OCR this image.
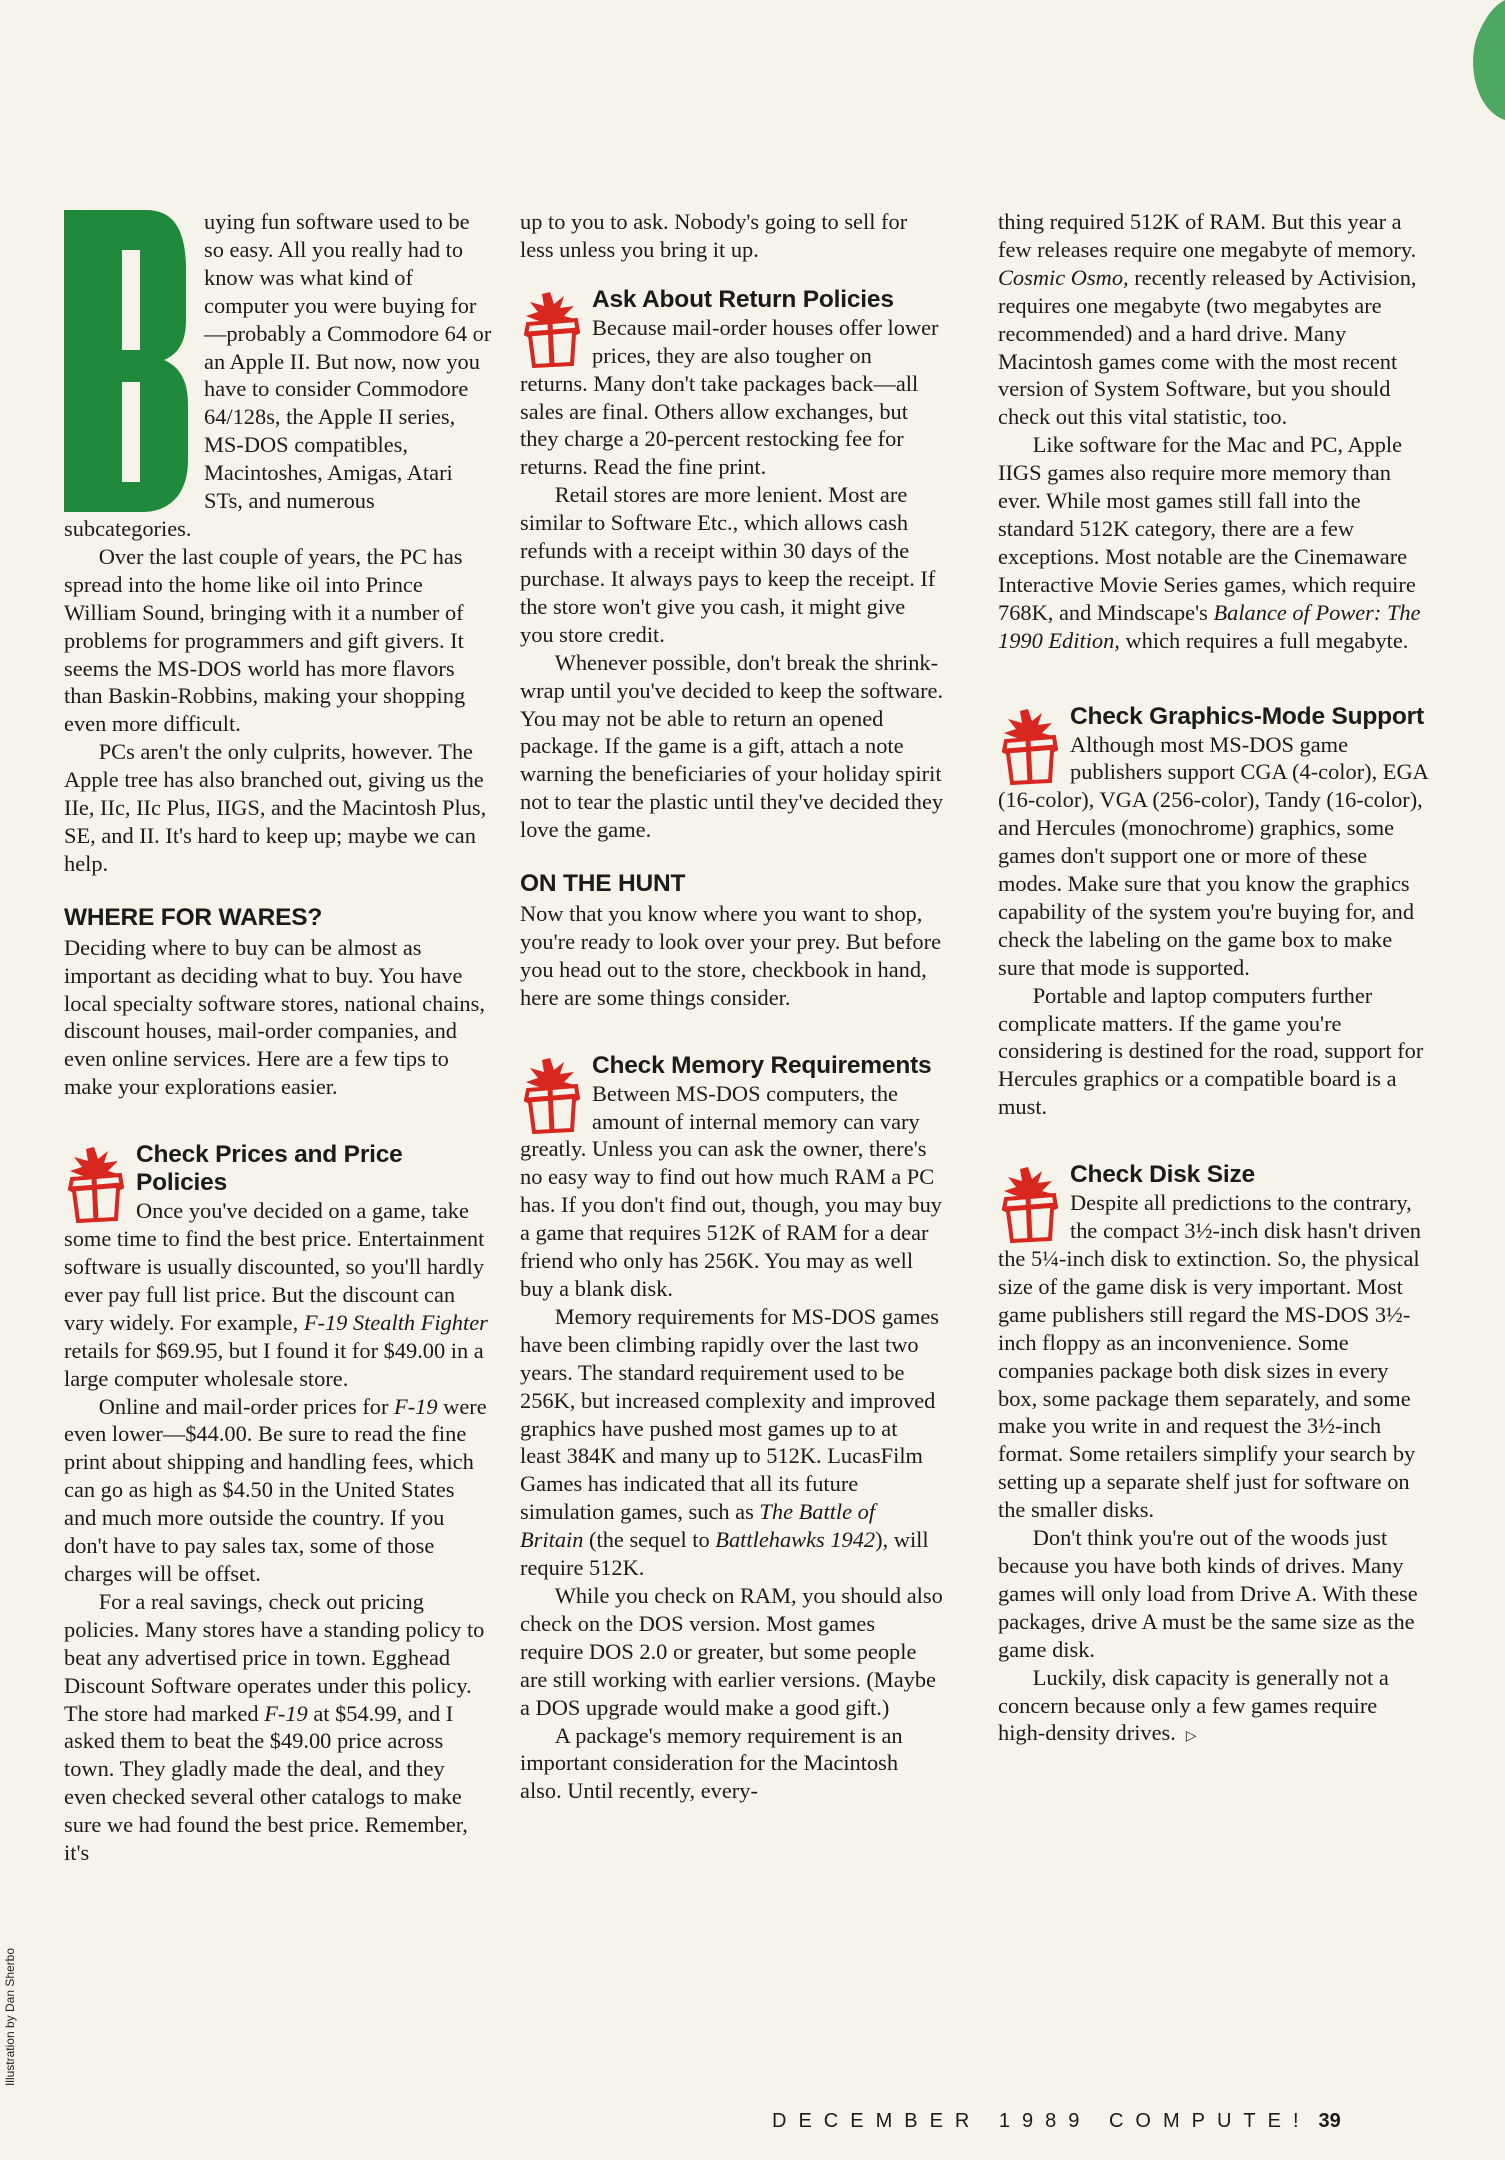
Illustration by Dan Sherbo
B

uying fun software used to be so easy. All you really had to know was what kind of computer you were buying for—probably a Commodore 64 or an Apple II. But now, now you have to consider Commodore 64/128s, the Apple II series, MS-DOS compatibles, Macintoshes, Amigas, Atari STs, and numerous subcategories.

Over the last couple of years, the PC has spread into the home like oil into Prince William Sound, bringing with it a number of problems for programmers and gift givers. It seems the MS-DOS world has more flavors than Baskin-Robbins, making your shopping even more difficult.

PCs aren't the only culprits, however. The Apple tree has also branched out, giving us the IIe, IIc, IIc Plus, IIGS, and the Macintosh Plus, SE, and II. It's hard to keep up; maybe we can help.

WHERE FOR WARES?

Deciding where to buy can be almost as important as deciding what to buy. You have local specialty software stores, national chains, discount houses, mail-order companies, and even online services. Here are a few tips to make your explorations easier.

Check Prices and Price Policies

Once you've decided on a game, take some time to find the best price. Entertainment software is usually discounted, so you'll hardly ever pay full list price. But the discount can vary widely. For example, F-19 Stealth Fighter retails for $69.95, but I found it for $49.00 in a large computer wholesale store.

Online and mail-order prices for F-19 were even lower—$44.00. Be sure to read the fine print about shipping and handling fees, which can go as high as $4.50 in the United States and much more outside the country. If you don't have to pay sales tax, some of those charges will be offset.

For a real savings, check out pricing policies. Many stores have a standing policy to beat any advertised price in town. Egghead Discount Software operates under this policy. The store had marked F-19 at $54.99, and I asked them to beat the $49.00 price across town. They gladly made the deal, and they even checked several other catalogs to make sure we had found the best price. Remember, it's

up to you to ask. Nobody's going to sell for less unless you bring it up.

Ask About Return Policies

Because mail-order houses offer lower prices, they are also tougher on returns. Many don't take packages back—all sales are final. Others allow exchanges, but they charge a 20-percent restocking fee for returns. Read the fine print.

Retail stores are more lenient. Most are similar to Software Etc., which allows cash refunds with a receipt within 30 days of the purchase. It always pays to keep the receipt. If the store won't give you cash, it might give you store credit.

Whenever possible, don't break the shrink-wrap until you've decided to keep the software. You may not be able to return an opened package. If the game is a gift, attach a note warning the beneficiaries of your holiday spirit not to tear the plastic until they've decided they love the game.

ON THE HUNT

Now that you know where you want to shop, you're ready to look over your prey. But before you head out to the store, checkbook in hand, here are some things consider.

Check Memory Requirements

Between MS-DOS computers, the amount of internal memory can vary greatly. Unless you can ask the owner, there's no easy way to find out how much RAM a PC has. If you don't find out, though, you may buy a game that requires 512K of RAM for a dear friend who only has 256K. You may as well buy a blank disk.

Memory requirements for MS-DOS games have been climbing rapidly over the last two years. The standard requirement used to be 256K, but increased complexity and improved graphics have pushed most games up to at least 384K and many up to 512K. LucasFilm Games has indicated that all its future simulation games, such as The Battle of Britain (the sequel to Battlehawks 1942), will require 512K.

While you check on RAM, you should also check on the DOS version. Most games require DOS 2.0 or greater, but some people are still working with earlier versions. (Maybe a DOS upgrade would make a good gift.)

A package's memory requirement is an important consideration for the Macintosh also. Until recently, every-

thing required 512K of RAM. But this year a few releases require one megabyte of memory. Cosmic Osmo, recently released by Activision, requires one megabyte (two megabytes are recommended) and a hard drive. Many Macintosh games come with the most recent version of System Software, but you should check out this vital statistic, too.

Like software for the Mac and PC, Apple IIGS games also require more memory than ever. While most games still fall into the standard 512K category, there are a few exceptions. Most notable are the Cinemaware Interactive Movie Series games, which require 768K, and Mindscape's Balance of Power: The 1990 Edition, which requires a full megabyte.

Check Graphics-Mode Support

Although most MS-DOS game publishers support CGA (4-color), EGA (16-color), VGA (256-color), Tandy (16-color), and Hercules (monochrome) graphics, some games don't support one or more of these modes. Make sure that you know the graphics capability of the system you're buying for, and check the labeling on the game box to make sure that mode is supported.

Portable and laptop computers further complicate matters. If the game you're considering is destined for the road, support for Hercules graphics or a compatible board is a must.

Check Disk Size

Despite all predictions to the contrary, the compact 3½-inch disk hasn't driven the 5¼-inch disk to extinction. So, the physical size of the game disk is very important. Most game publishers still regard the MS-DOS 3½-inch floppy as an inconvenience. Some companies package both disk sizes in every box, some package them separately, and some make you write in and request the 3½-inch format. Some retailers simplify your search by setting up a separate shelf just for software on the smaller disks.

Don't think you're out of the woods just because you have both kinds of drives. Many games will only load from Drive A. With these packages, drive A must be the same size as the game disk.

Luckily, disk capacity is generally not a concern because only a few games require high-density drives. ▷

DECEMBER 1989 COMPUTE! 39
